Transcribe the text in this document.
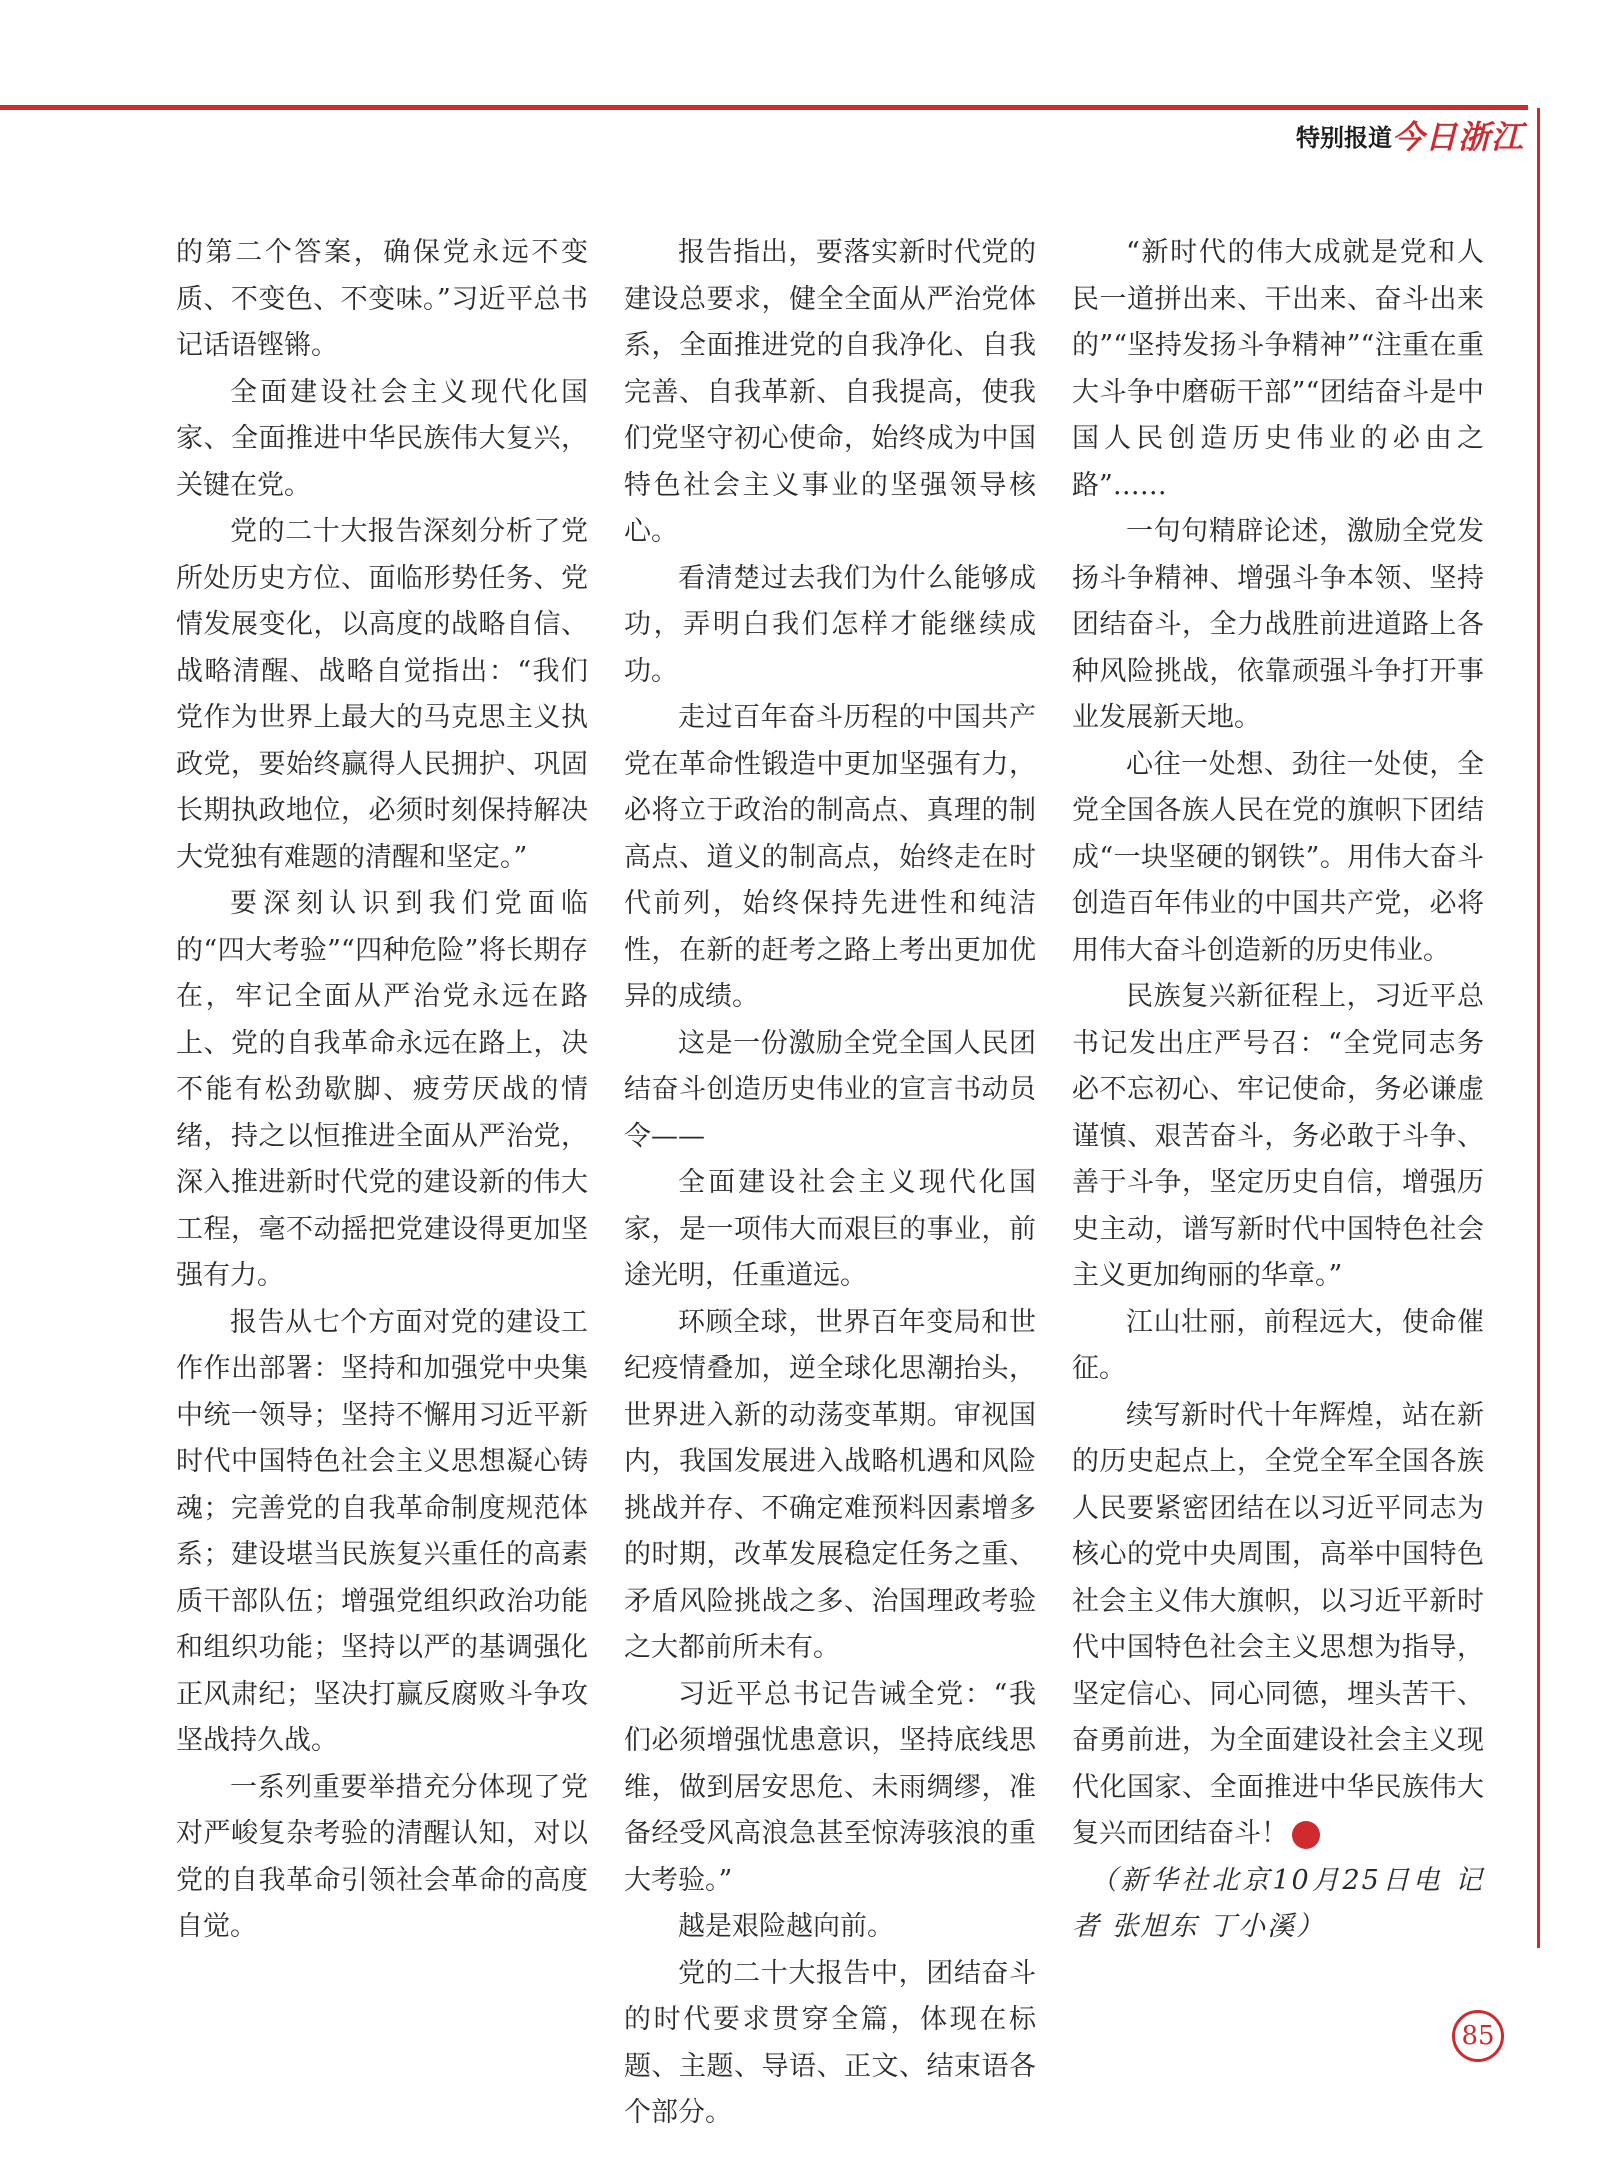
特别报道 今日浙江

的第二个答案，确保党永远不变质、不变色、不变味。”习近平总书记话语铿锵。

全面建设社会主义现代化国家、全面推进中华民族伟大复兴，关键在党。

党的二十大报告深刻分析了党所处历史方位、面临形势任务、党情发展变化，以高度的战略自信、战略清醒、战略自觉指出：“我们党作为世界上最大的马克思主义执政党，要始终赢得人民拥护、巩固长期执政地位，必须时刻保持解决大党独有难题的清醒和坚定。”

要深刻认识到我们党面临的“四大考验”“四种危险”将长期存在，牢记全面从严治党永远在路上、党的自我革命永远在路上，决不能有松劲歇脚、疲劳厌战的情绪，持之以恒推进全面从严治党，深入推进新时代党的建设新的伟大工程，毫不动摇把党建设得更加坚强有力。

报告从七个方面对党的建设工作作出部署：坚持和加强党中央集中统一领导；坚持不懈用习近平新时代中国特色社会主义思想凝心铸魂；完善党的自我革命制度规范体系；建设堪当民族复兴重任的高素质干部队伍；增强党组织政治功能和组织功能；坚持以严的基调强化正风肃纪；坚决打赢反腐败斗争攻坚战持久战。

一系列重要举措充分体现了党对严峻复杂考验的清醒认知，对以党的自我革命引领社会革命的高度自觉。

报告指出，要落实新时代党的建设总要求，健全全面从严治党体系，全面推进党的自我净化、自我完善、自我革新、自我提高，使我们党坚守初心使命，始终成为中国特色社会主义事业的坚强领导核心。

看清楚过去我们为什么能够成功，弄明白我们怎样才能继续成功。

走过百年奋斗历程的中国共产党在革命性锻造中更加坚强有力，必将立于政治的制高点、真理的制高点、道义的制高点，始终走在时代前列，始终保持先进性和纯洁性，在新的赶考之路上考出更加优异的成绩。

这是一份激励全党全国人民团结奋斗创造历史伟业的宣言书动员令——

全面建设社会主义现代化国家，是一项伟大而艰巨的事业，前途光明，任重道远。

环顾全球，世界百年变局和世纪疫情叠加，逆全球化思潮抬头，世界进入新的动荡变革期。审视国内，我国发展进入战略机遇和风险挑战并存、不确定难预料因素增多的时期，改革发展稳定任务之重、矛盾风险挑战之多、治国理政考验之大都前所未有。

习近平总书记告诫全党：“我们必须增强忧患意识，坚持底线思维，做到居安思危、未雨绸缪，准备经受风高浪急甚至惊涛骇浪的重大考验。”

越是艰险越向前。

党的二十大报告中，团结奋斗的时代要求贯穿全篇，体现在标题、主题、导语、正文、结束语各个部分。

“新时代的伟大成就是党和人民一道拼出来、干出来、奋斗出来的”“坚持发扬斗争精神”“注重在重大斗争中磨砺干部”“团结奋斗是中国人民创造历史伟业的必由之路”……

一句句精辟论述，激励全党发扬斗争精神、增强斗争本领、坚持团结奋斗，全力战胜前进道路上各种风险挑战，依靠顽强斗争打开事业发展新天地。

心往一处想、劲往一处使，全党全国各族人民在党的旗帜下团结成“一块坚硬的钢铁”。用伟大奋斗创造百年伟业的中国共产党，必将用伟大奋斗创造新的历史伟业。

民族复兴新征程上，习近平总书记发出庄严号召：“全党同志务必不忘初心、牢记使命，务必谦虚谨慎、艰苦奋斗，务必敢于斗争、善于斗争，坚定历史自信，增强历史主动，谱写新时代中国特色社会主义更加绚丽的华章。”

江山壮丽，前程远大，使命催征。

续写新时代十年辉煌，站在新的历史起点上，全党全军全国各族人民要紧密团结在以习近平同志为核心的党中央周围，高举中国特色社会主义伟大旗帜，以习近平新时代中国特色社会主义思想为指导，坚定信心、同心同德，埋头苦干、奋勇前进，为全面建设社会主义现代化国家、全面推进中华民族伟大复兴而团结奋斗！	今

（新华社北京10月25日电 记者 张旭东 丁小溪）

85
